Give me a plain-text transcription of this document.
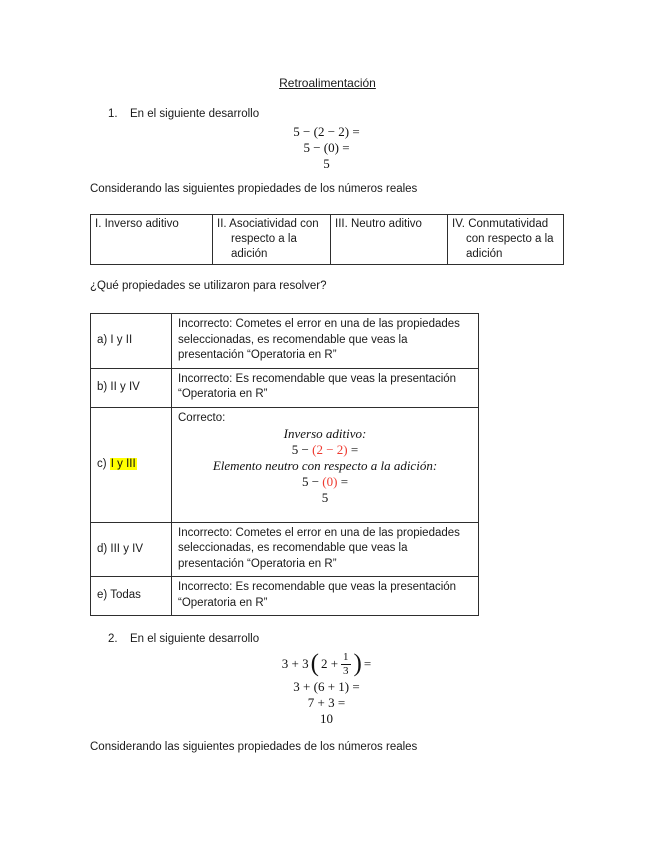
Retroalimentación
1. En el siguiente desarrollo
5 − (2 − 2) =
5 − (0) =
5

Considerando las siguientes propiedades de los números reales

I. Inverso aditivo	II. Asociatividad con respecto a la adición	III. Neutro aditivo	IV. Conmutatividad con respecto a la adición

¿Qué propiedades se utilizaron para resolver?

a) I y II	Incorrecto: Cometes el error en una de las propiedades seleccionadas, es recomendable que veas la presentación “Operatoria en R”
b) II y IV	Incorrecto: Es recomendable que veas la presentación “Operatoria en R”
c) I y III	
Correcto:
Inverso aditivo:
5 − (2 − 2) =
Elemento neutro con respecto a la adición:
5 − (0) =
5

d) III y IV	Incorrecto: Cometes el error en una de las propiedades seleccionadas, es recomendable que veas la presentación “Operatoria en R”
e) Todas	Incorrecto: Es recomendable que veas la presentación “Operatoria en R”
2. En el siguiente desarrollo
3 + 3 ( $2 + \frac{1}{3}$ ) =
3 + (6 + 1) =
7 + 3 =
10

Considerando las siguientes propiedades de los números reales
